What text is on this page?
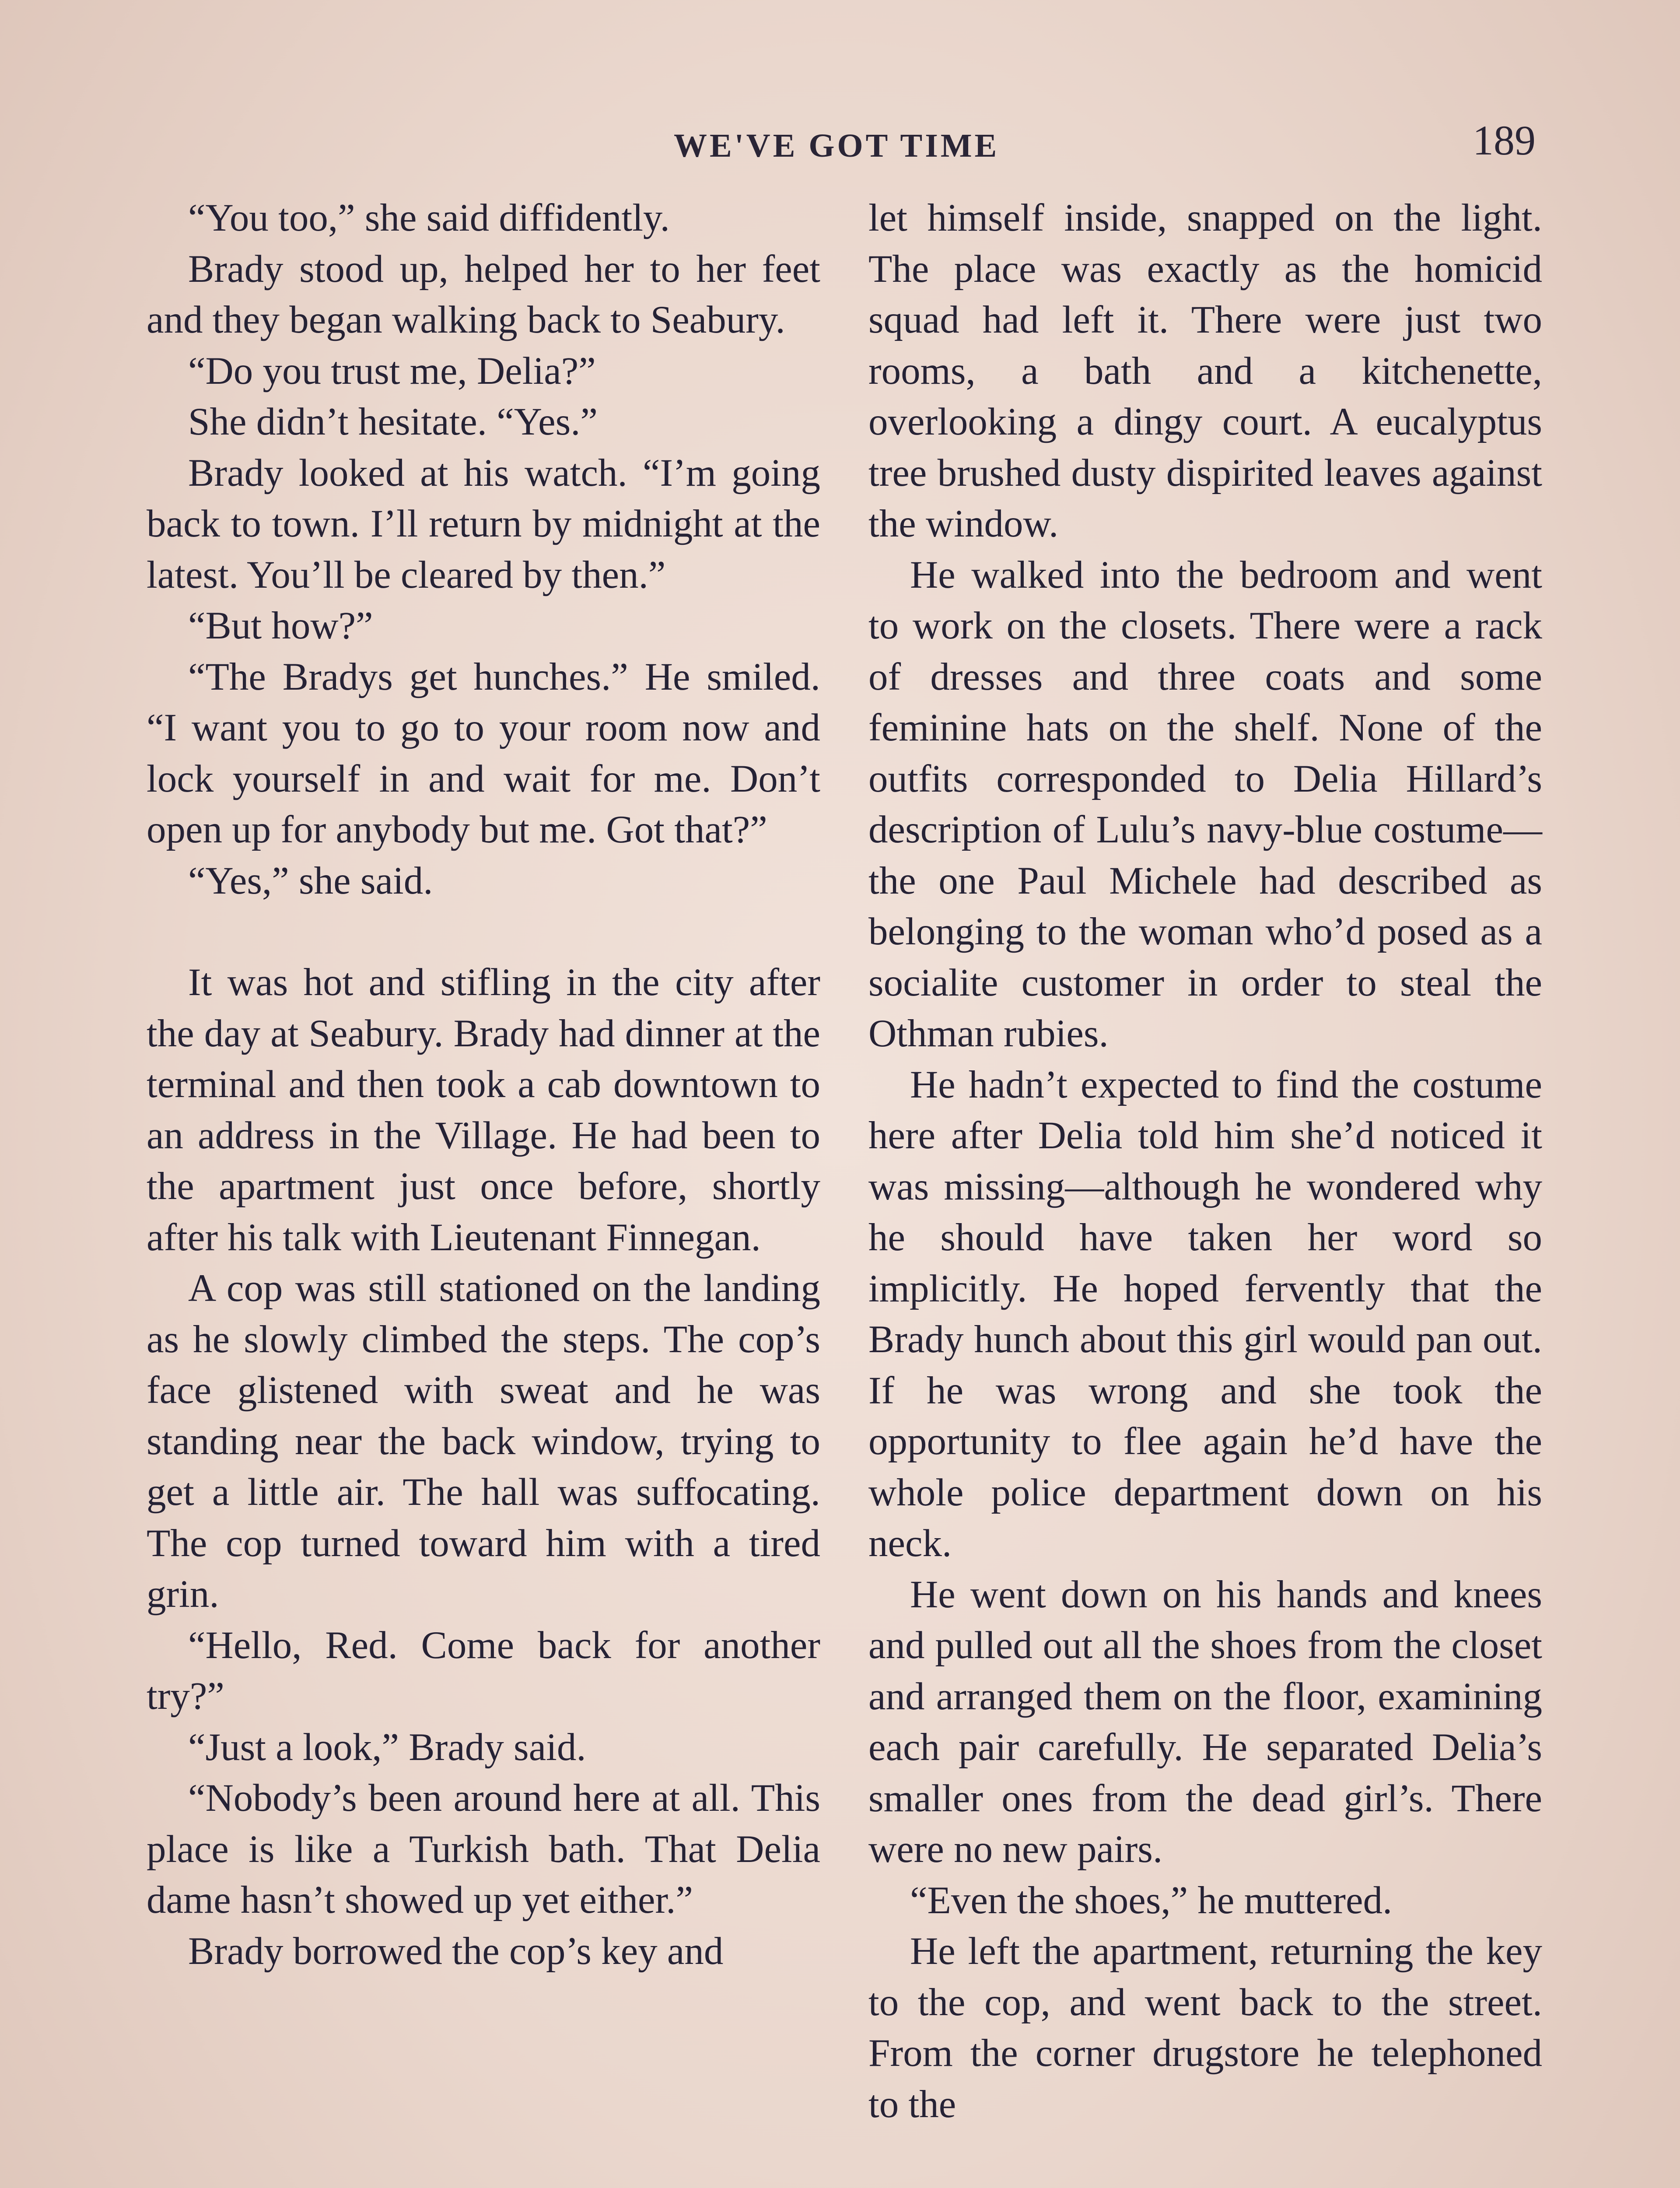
WE'VE GOT TIME	189

“You too,” she said diffidently.

Brady stood up, helped her to her feet and they began walking back to Seabury.

“Do you trust me, Delia?”

She didn’t hesitate. “Yes.”

Brady looked at his watch. “I’m going back to town. I’ll return by midnight at the latest. You’ll be cleared by then.”

“But how?”

“The Bradys get hunches.” He smiled. “I want you to go to your room now and lock yourself in and wait for me. Don’t open up for anybody but me. Got that?”

“Yes,” she said.

It was hot and stifling in the city after the day at Seabury. Brady had dinner at the terminal and then took a cab downtown to an address in the Village. He had been to the apartment just once before, shortly after his talk with Lieutenant Finnegan.

A cop was still stationed on the landing as he slowly climbed the steps. The cop’s face glistened with sweat and he was standing near the back window, trying to get a little air. The hall was suffocating. The cop turned toward him with a tired grin.

“Hello, Red. Come back for another try?”

“Just a look,” Brady said.

“Nobody’s been around here at all. This place is like a Turkish bath. That Delia dame hasn’t showed up yet either.”

Brady borrowed the cop’s key and

let himself inside, snapped on the light. The place was exactly as the homicid squad had left it. There were just two rooms, a bath and a kitchenette, overlooking a dingy court. A eucalyptus tree brushed dusty dispirited leaves against the window.

He walked into the bedroom and went to work on the closets. There were a rack of dresses and three coats and some feminine hats on the shelf. None of the outfits corresponded to Delia Hillard’s description of Lulu’s navy-blue costume— the one Paul Michele had described as belonging to the woman who’d posed as a socialite customer in order to steal the Othman rubies.

He hadn’t expected to find the costume here after Delia told him she’d noticed it was missing—although he wondered why he should have taken her word so implicitly. He hoped fervently that the Brady hunch about this girl would pan out. If he was wrong and she took the opportunity to flee again he’d have the whole police department down on his neck.

He went down on his hands and knees and pulled out all the shoes from the closet and arranged them on the floor, examining each pair carefully. He separated Delia’s smaller ones from the dead girl’s. There were no new pairs.

“Even the shoes,” he muttered.

He left the apartment, returning the key to the cop, and went back to the street. From the corner drugstore he telephoned to the
